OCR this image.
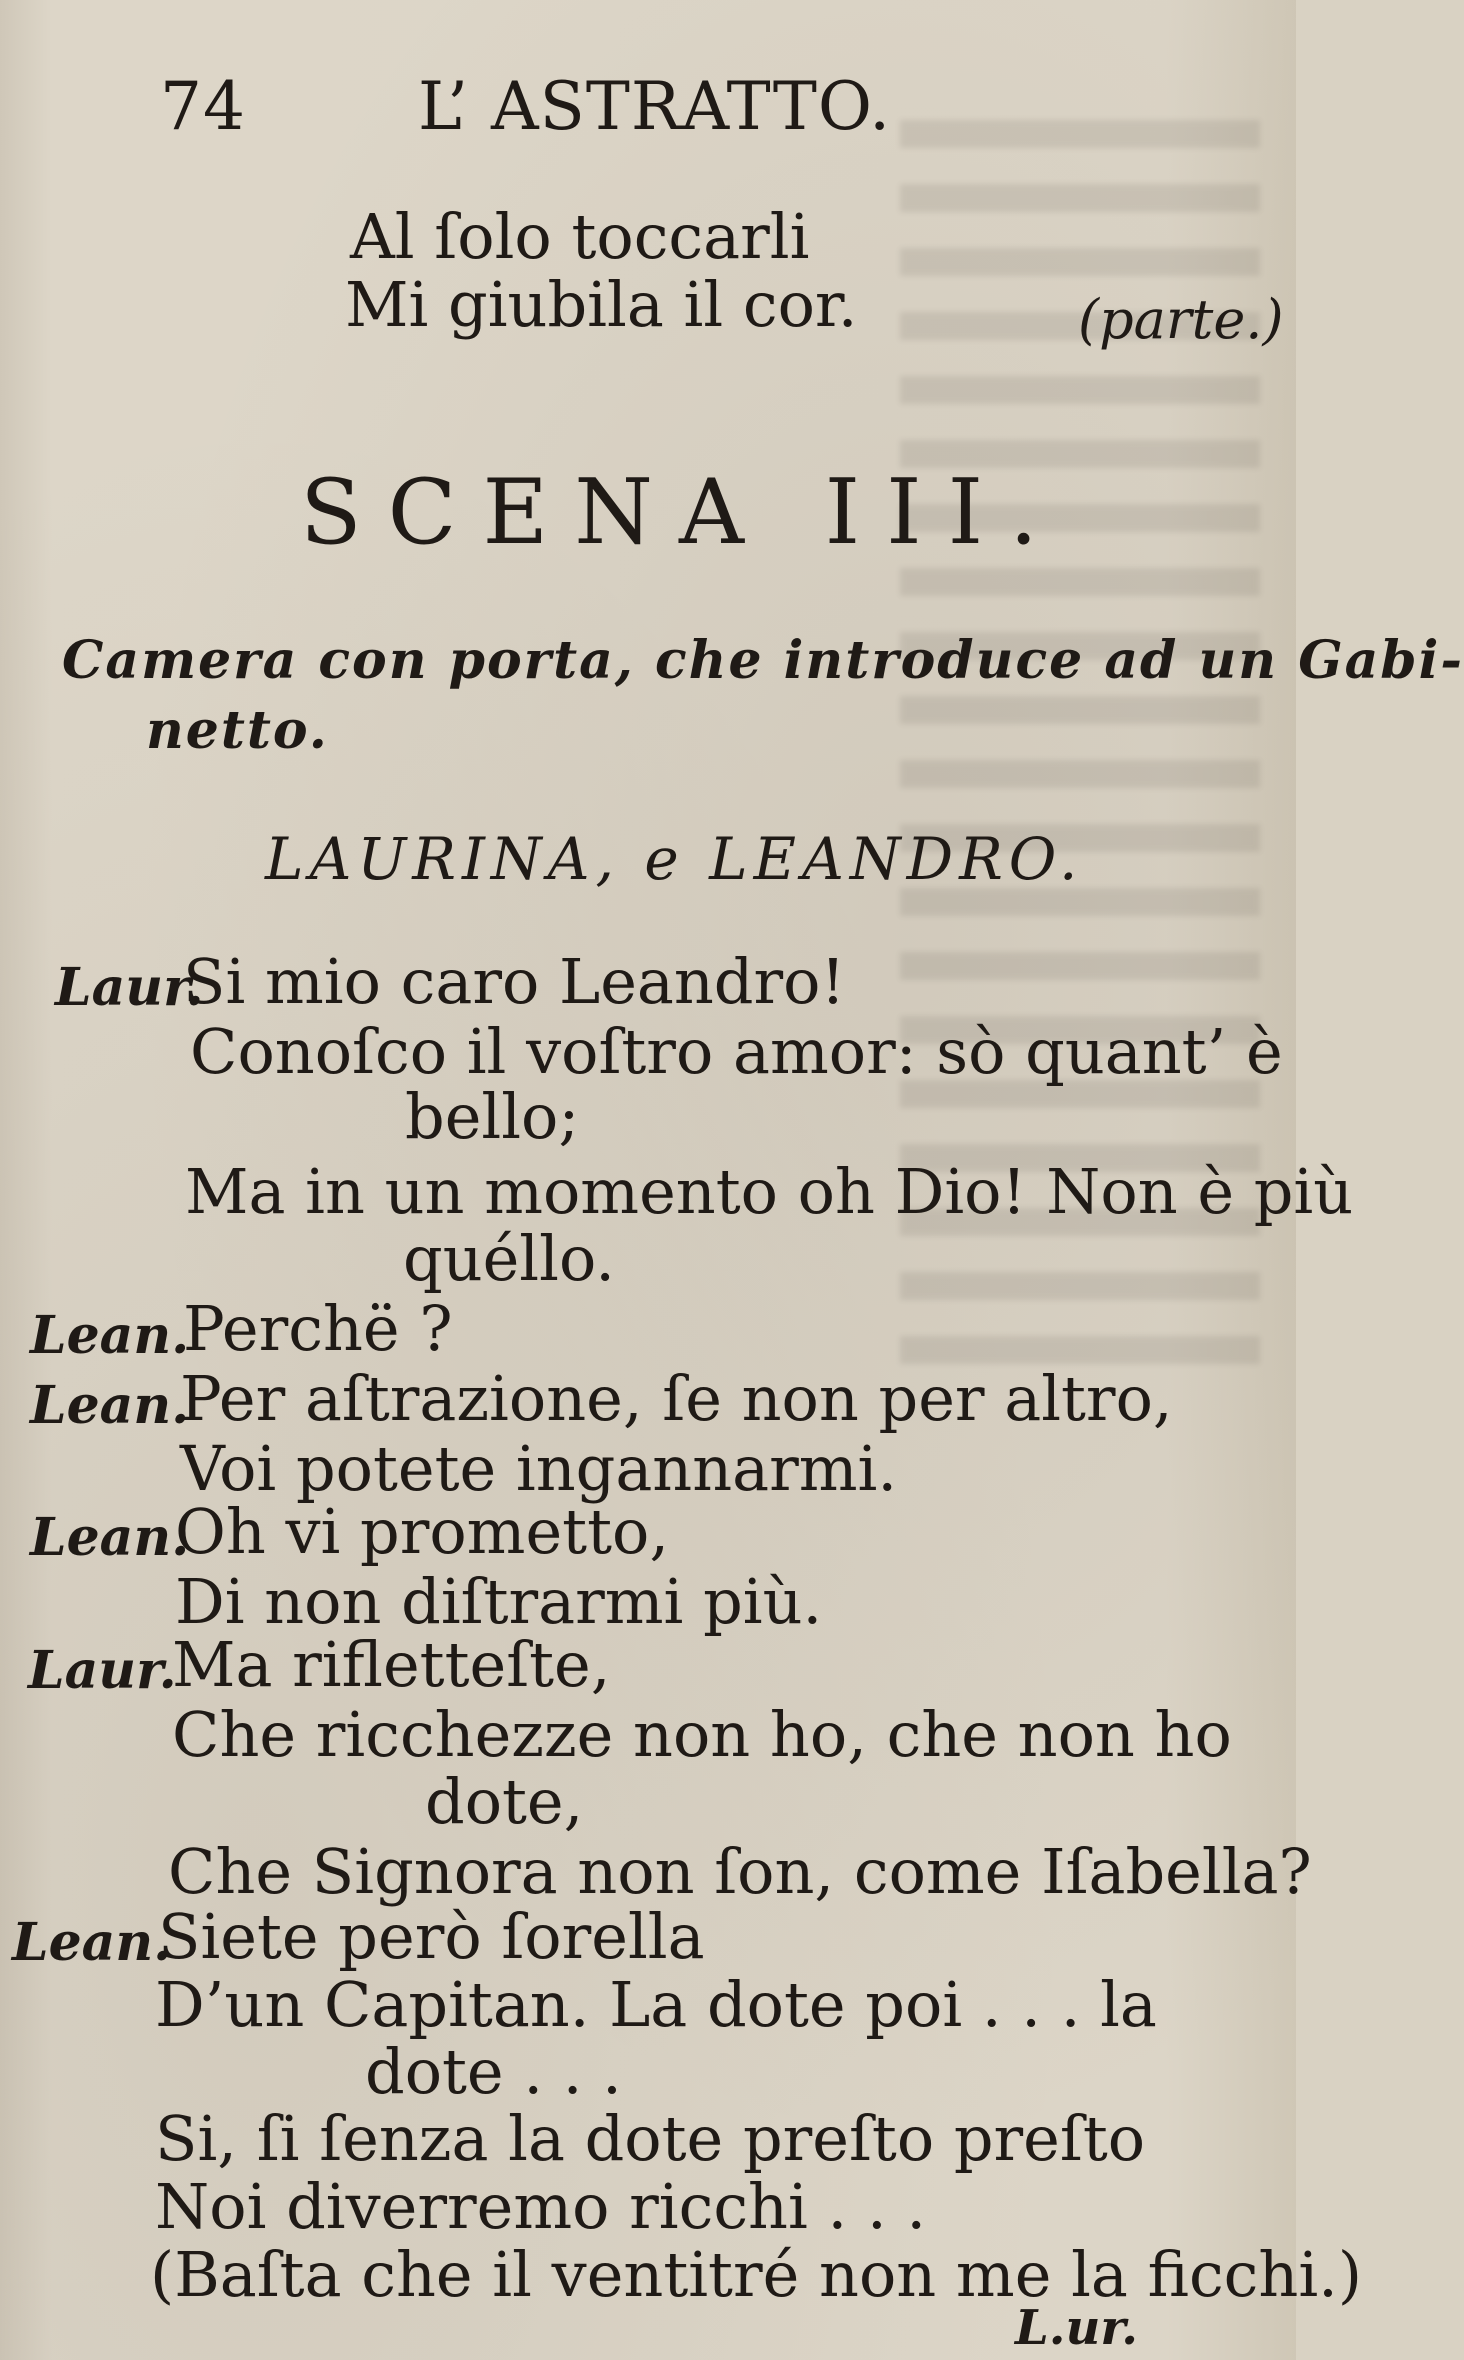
74	L’ ASTRATTO.
Al ſolo toccarli
Mi giubila il cor.	(parte.)
SCENA III.
Camera con porta, che introduce ad un Gabi-
netto.
LAURINA, e LEANDRO.
Laur.
Si mio caro Leandro!
Conoſco il voſtro amor: sò quant’ è
bello;
Ma in un momento oh Dio! Non è più
quéllo.
Lean.
Perchë ?
Lean.
Per aſtrazione, ſe non per altro,
Voi potete ingannarmi.
Lean.
Oh vi prometto,
Di non diſtrarmi più.
Laur.
Ma rifletteſte,
Che ricchezze non ho, che non ho
dote,
Che Signora non ſon, come Iſabella?
Lean.
Siete però ſorella
D’un Capitan. La dote poi . . . la
dote . . .
Si, ſi ſenza la dote preſto preſto
Noi diverremo ricchi . . .
(Baſta che il ventitré non me la ficchi.)
L.ur.
